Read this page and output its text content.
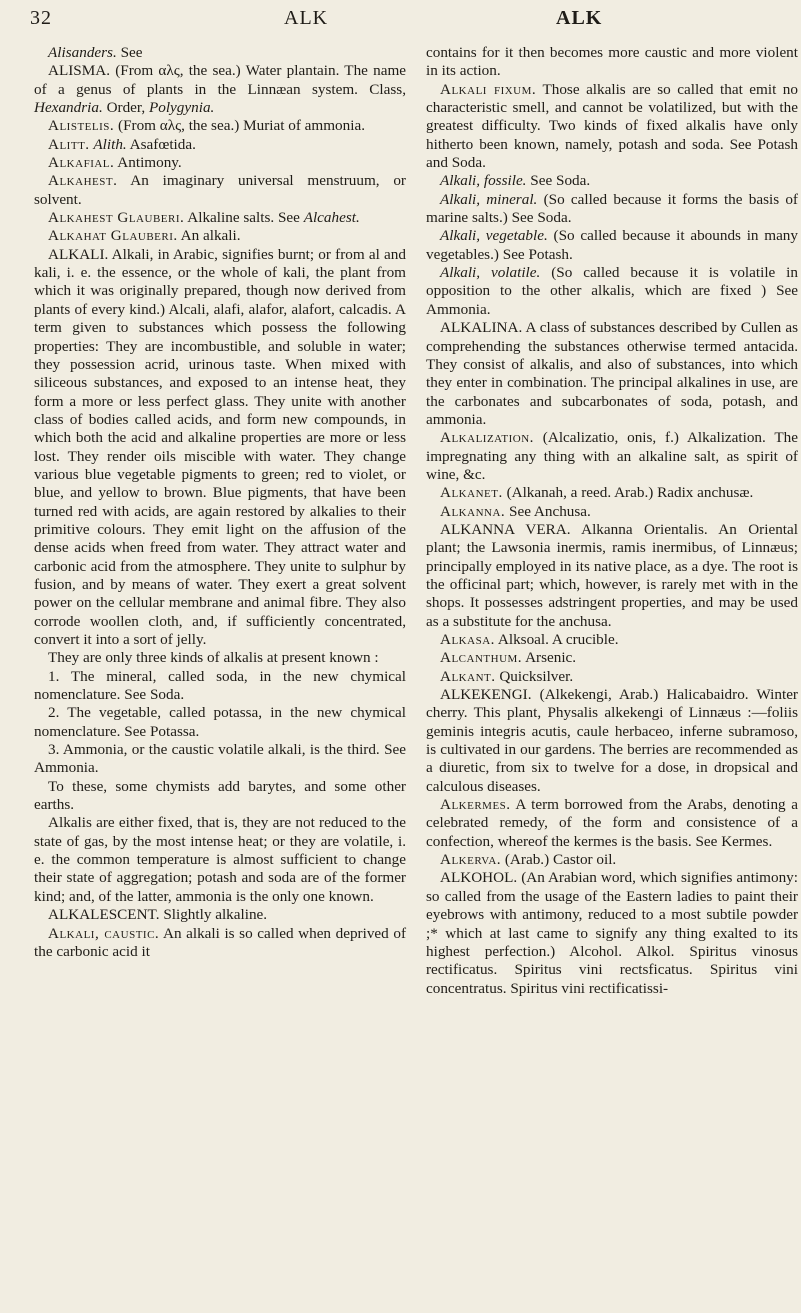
32	ALK	ALK

Alisanders. See

ALISMA. (From αλς, the sea.) Water plantain. The name of a genus of plants in the Linnæan system. Class, Hexandria. Order, Polygynia.

Alistelis. (From αλς, the sea.) Muriat of ammonia.

Alitt. Alith. Asafœtida.

Alkafial. Antimony.

Alkahest. An imaginary universal menstruum, or solvent.

Alkahest Glauberi. Alkaline salts. See Alcahest.

Alkahat Glauberi. An alkali.

ALKALI. Alkali, in Arabic, signifies burnt; or from al and kali, i. e. the essence, or the whole of kali, the plant from which it was originally prepared, though now derived from plants of every kind.) Alcali, alafi, alafor, alafort, calcadis. A term given to substances which possess the following properties: They are incombustible, and soluble in water; they possession acrid, urinous taste. When mixed with siliceous substances, and exposed to an intense heat, they form a more or less perfect glass. They unite with another class of bodies called acids, and form new compounds, in which both the acid and alkaline properties are more or less lost. They render oils miscible with water. They change various blue vegetable pigments to green; red to violet, or blue, and yellow to brown. Blue pigments, that have been turned red with acids, are again restored by alkalies to their primitive colours. They emit light on the affusion of the dense acids when freed from water. They attract water and carbonic acid from the atmosphere. They unite to sulphur by fusion, and by means of water. They exert a great solvent power on the cellular membrane and animal fibre. They also corrode woollen cloth, and, if sufficiently concentrated, convert it into a sort of jelly.

They are only three kinds of alkalis at present known :

1. The mineral, called soda, in the new chymical nomenclature. See Soda.

2. The vegetable, called potassa, in the new chymical nomenclature. See Potassa.

3. Ammonia, or the caustic volatile alkali, is the third. See Ammonia.

To these, some chymists add barytes, and some other earths.

Alkalis are either fixed, that is, they are not reduced to the state of gas, by the most intense heat; or they are volatile, i. e. the common temperature is almost sufficient to change their state of aggregation; potash and soda are of the former kind; and, of the latter, ammonia is the only one known.

ALKALESCENT. Slightly alkaline.

Alkali, caustic. An alkali is so called when deprived of the carbonic acid it

contains for it then becomes more caustic and more violent in its action.

Alkali fixum. Those alkalis are so called that emit no characteristic smell, and cannot be volatilized, but with the greatest difficulty. Two kinds of fixed alkalis have only hitherto been known, namely, potash and soda. See Potash and Soda.

Alkali, fossile. See Soda.

Alkali, mineral. (So called because it forms the basis of marine salts.) See Soda.

Alkali, vegetable. (So called because it abounds in many vegetables.) See Potash.

Alkali, volatile. (So called because it is volatile in opposition to the other alkalis, which are fixed ) See Ammonia.

ALKALINA. A class of substances described by Cullen as comprehending the substances otherwise termed antacida. They consist of alkalis, and also of substances, into which they enter in combination. The principal alkalines in use, are the carbonates and subcarbonates of soda, potash, and ammonia.

Alkalization. (Alcalizatio, onis, f.) Alkalization. The impregnating any thing with an alkaline salt, as spirit of wine, &c.

Alkanet. (Alkanah, a reed. Arab.) Radix anchusæ.

Alkanna. See Anchusa.

ALKANNA VERA. Alkanna Orientalis. An Oriental plant; the Lawsonia inermis, ramis inermibus, of Linnæus; principally employed in its native place, as a dye. The root is the officinal part; which, however, is rarely met with in the shops. It possesses adstringent properties, and may be used as a substitute for the anchusa.

Alkasa. Alksoal. A crucible.

Alcanthum. Arsenic.

Alkant. Quicksilver.

ALKEKENGI. (Alkekengi, Arab.) Halicabaidro. Winter cherry. This plant, Physalis alkekengi of Linnæus :—foliis geminis integris acutis, caule herbaceo, inferne subramoso, is cultivated in our gardens. The berries are recommended as a diuretic, from six to twelve for a dose, in dropsical and calculous diseases.

Alkermes. A term borrowed from the Arabs, denoting a celebrated remedy, of the form and consistence of a confection, whereof the kermes is the basis. See Kermes.

Alkerva. (Arab.) Castor oil.

ALKOHOL. (An Arabian word, which signifies antimony: so called from the usage of the Eastern ladies to paint their eyebrows with antimony, reduced to a most subtile powder ;* which at last came to signify any thing exalted to its highest perfection.) Alcohol. Alkol. Spiritus vinosus rectificatus. Spiritus vini rectsficatus. Spiritus vini concentratus. Spiritus vini rectificatissi-
